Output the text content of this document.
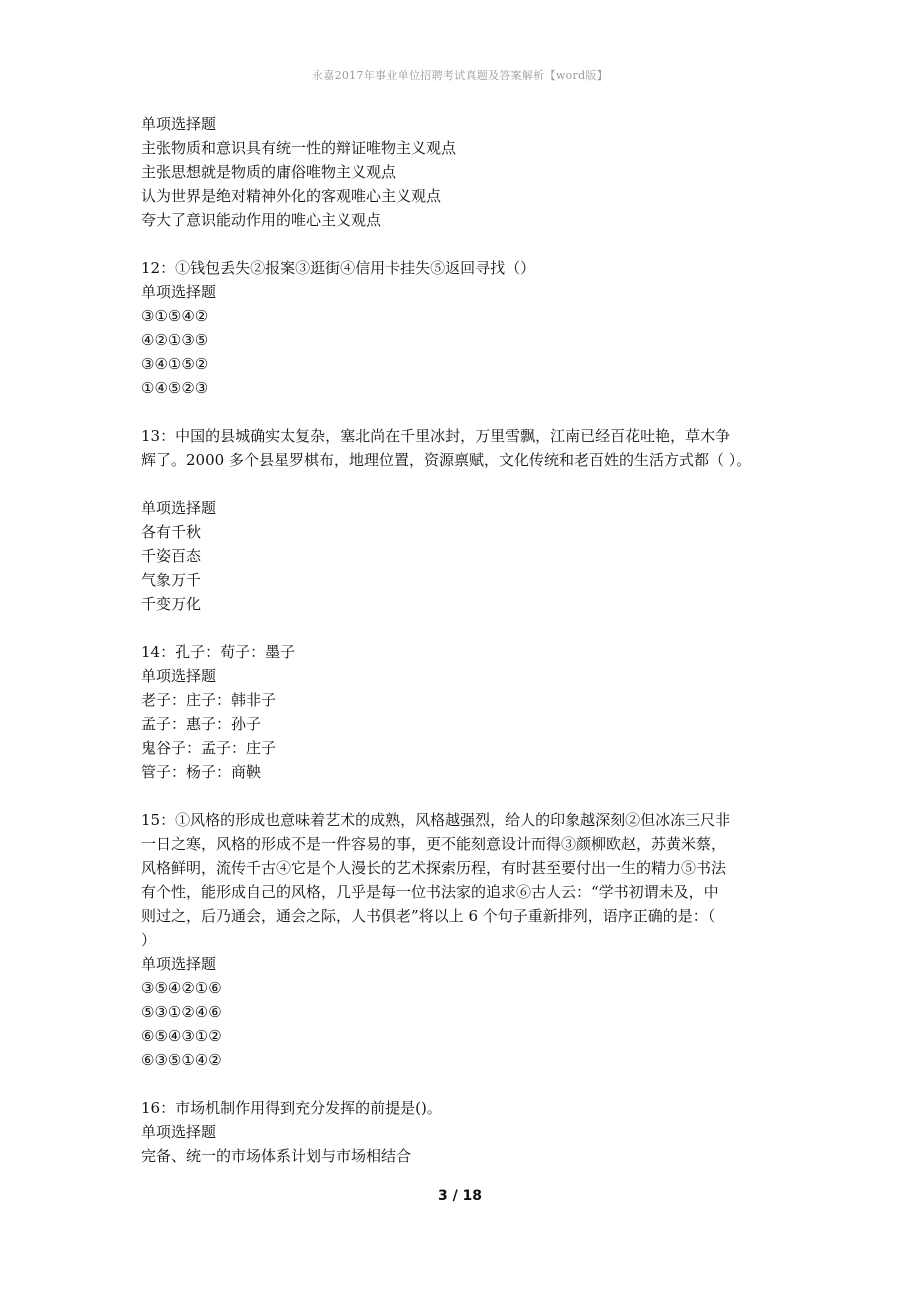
永嘉2017年事业单位招聘考试真题及答案解析【word版】
单项选择题
主张物质和意识具有统一性的辩证唯物主义观点
主张思想就是物质的庸俗唯物主义观点
认为世界是绝对精神外化的客观唯心主义观点
夸大了意识能动作用的唯心主义观点
12：①钱包丢失②报案③逛街④信用卡挂失⑤返回寻找（）
单项选择题
③①⑤④②
④②①③⑤
③④①⑤②
①④⑤②③
13：中国的县城确实太复杂，塞北尚在千里冰封，万里雪飘，江南已经百花吐艳，草木争
辉了。2000 多个县星罗棋布，地理位置，资源禀赋，文化传统和老百姓的生活方式都（ ）。
单项选择题
各有千秋
千姿百态
气象万千
千变万化
14：孔子：荀子：墨子
单项选择题
老子：庄子：韩非子
孟子：惠子：孙子
鬼谷子：孟子：庄子
管子：杨子：商鞅
15：①风格的形成也意味着艺术的成熟，风格越强烈，给人的印象越深刻②但冰冻三尺非
一日之寒，风格的形成不是一件容易的事，更不能刻意设计而得③颜柳欧赵，苏黄米蔡，
风格鲜明，流传千古④它是个人漫长的艺术探索历程，有时甚至要付出一生的精力⑤书法
有个性，能形成自己的风格，几乎是每一位书法家的追求⑥古人云：“学书初谓未及，中
则过之，后乃通会，通会之际，人书俱老”将以上 6 个句子重新排列，语序正确的是：（
）
单项选择题
③⑤④②①⑥
⑤③①②④⑥
⑥⑤④③①②
⑥③⑤①④②
16：市场机制作用得到充分发挥的前提是()。
单项选择题
完备、统一的市场体系计划与市场相结合
3 / 18
